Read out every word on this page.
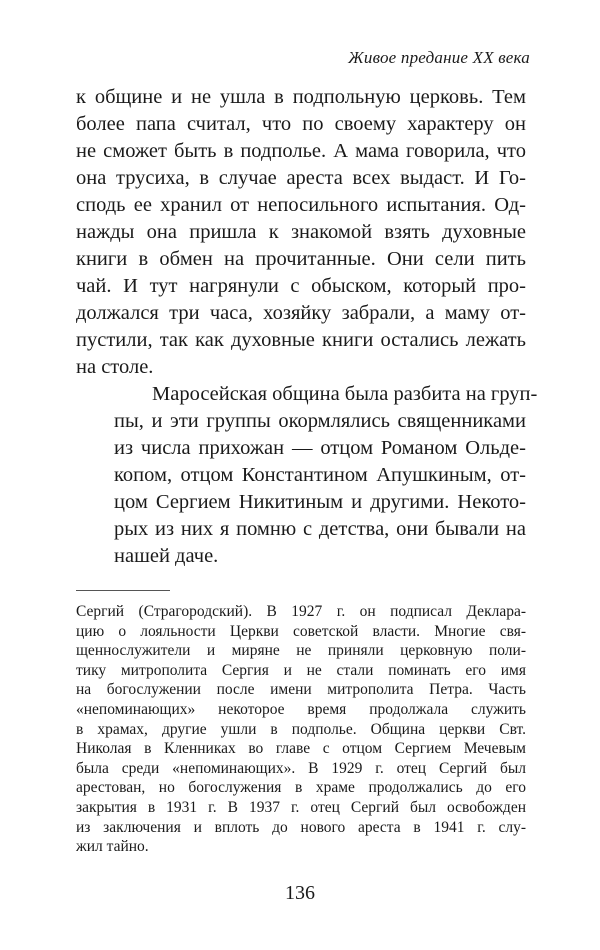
Живое предание XX века

к общине и не ушла в подпольную церковь. Тем
более папа считал, что по своему характеру он
не сможет быть в подполье. А мама говорила, что
она трусиха, в случае ареста всех выдаст. И Го-
сподь ее хранил от непосильного испытания. Од-
нажды она пришла к знакомой взять духовные
книги в обмен на прочитанные. Они сели пить
чай. И тут нагрянули с обыском, который про-
должался три часа, хозяйку забрали, а маму от-
пустили, так как духовные книги остались лежать
на столе.

Маросейская община была разбита на груп-
пы, и эти группы окормлялись священниками
из числа прихожан — отцом Романом Ольде-
копом, отцом Константином Апушкиным, от-
цом Сергием Никитиным и другими. Некото-
рых из них я помню с детства, они бывали на
нашей даче.

Сергий (Страгородский). В 1927 г. он подписал Деклара-
цию о лояльности Церкви советской власти. Многие свя-
щеннослужители и миряне не приняли церковную поли-
тику митрополита Сергия и не стали поминать его имя
на богослужении после имени митрополита Петра. Часть
«непоминающих» некоторое время продолжала служить
в храмах, другие ушли в подполье. Община церкви Свт.
Николая в Кленниках во главе с отцом Сергием Мечевым
была среди «непоминающих». В 1929 г. отец Сергий был
арестован, но богослужения в храме продолжались до его
закрытия в 1931 г. В 1937 г. отец Сергий был освобожден
из заключения и вплоть до нового ареста в 1941 г. слу-
жил тайно.
136
